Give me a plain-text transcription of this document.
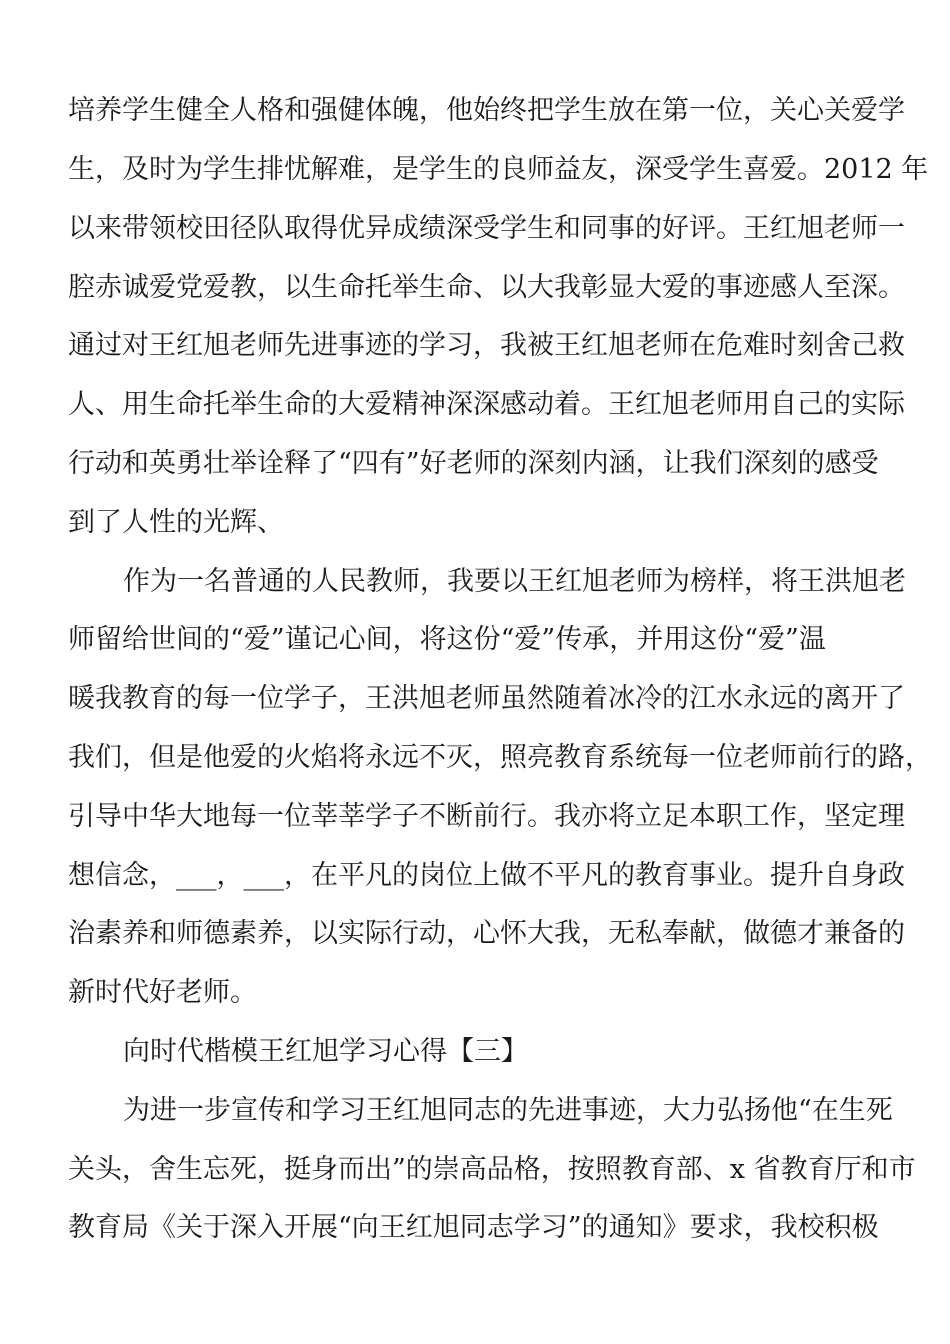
培养学生健全人格和强健体魄，他始终把学生放在第一位，关心关爱学
生，及时为学生排忧解难，是学生的良师益友，深受学生喜爱。2012 年
以来带领校田径队取得优异成绩深受学生和同事的好评。王红旭老师一
腔赤诚爱党爱教，以生命托举生命、以大我彰显大爱的事迹感人至深。
通过对王红旭老师先进事迹的学习，我被王红旭老师在危难时刻舍己救
人、用生命托举生命的大爱精神深深感动着。王红旭老师用自己的实际
行动和英勇壮举诠释了“四有”好老师的深刻内涵，让我们深刻的感受
到了人性的光辉、
作为一名普通的人民教师，我要以王红旭老师为榜样，将王洪旭老
师留给世间的“爱”谨记心间，将这份“爱”传承，并用这份“爱”温
暖我教育的每一位学子，王洪旭老师虽然随着冰冷的江水永远的离开了
我们，但是他爱的火焰将永远不灭，照亮教育系统每一位老师前行的路，
引导中华大地每一位莘莘学子不断前行。我亦将立足本职工作，坚定理
想信念，___，___，在平凡的岗位上做不平凡的教育事业。提升自身政
治素养和师德素养，以实际行动，心怀大我，无私奉献，做德才兼备的
新时代好老师。
向时代楷模王红旭学习心得【三】
为进一步宣传和学习王红旭同志的先进事迹，大力弘扬他“在生死
关头，舍生忘死，挺身而出”的崇高品格，按照教育部、x 省教育厅和市
教育局《关于深入开展“向王红旭同志学习”的通知》要求，我校积极
